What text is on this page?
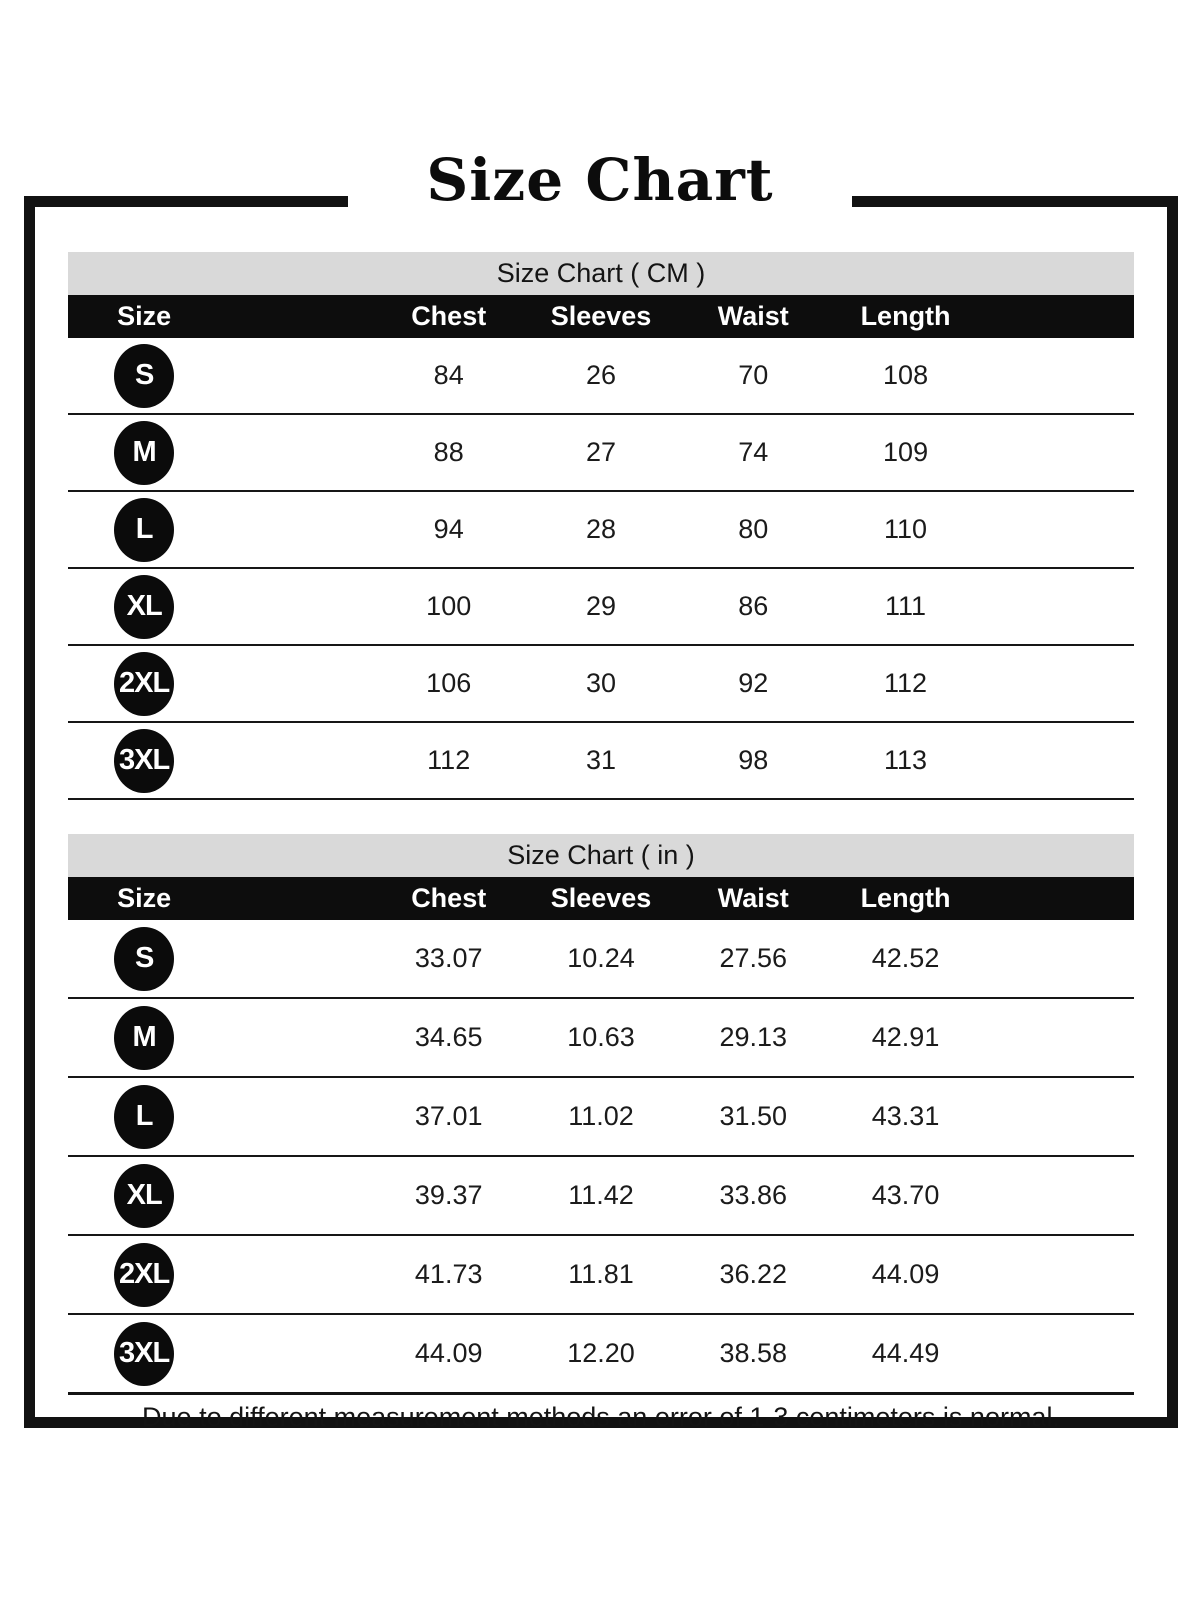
Size Chart
Size Chart ( CM )
Size	Chest	Sleeves	Waist	Length
S	84	26	70	108
M	88	27	74	109
L	94	28	80	110
XL	100	29	86	111
2XL	106	30	92	112
3XL	112	31	98	113
Size Chart ( in )
Size	Chest	Sleeves	Waist	Length
S	33.07	10.24	27.56	42.52
M	34.65	10.63	29.13	42.91
L	37.01	11.02	31.50	43.31
XL	39.37	11.42	33.86	43.70
2XL	41.73	11.81	36.22	44.09
3XL	44.09	12.20	38.58	44.49
Due to different measurement methods an error of 1-3 centimeters is normal.
